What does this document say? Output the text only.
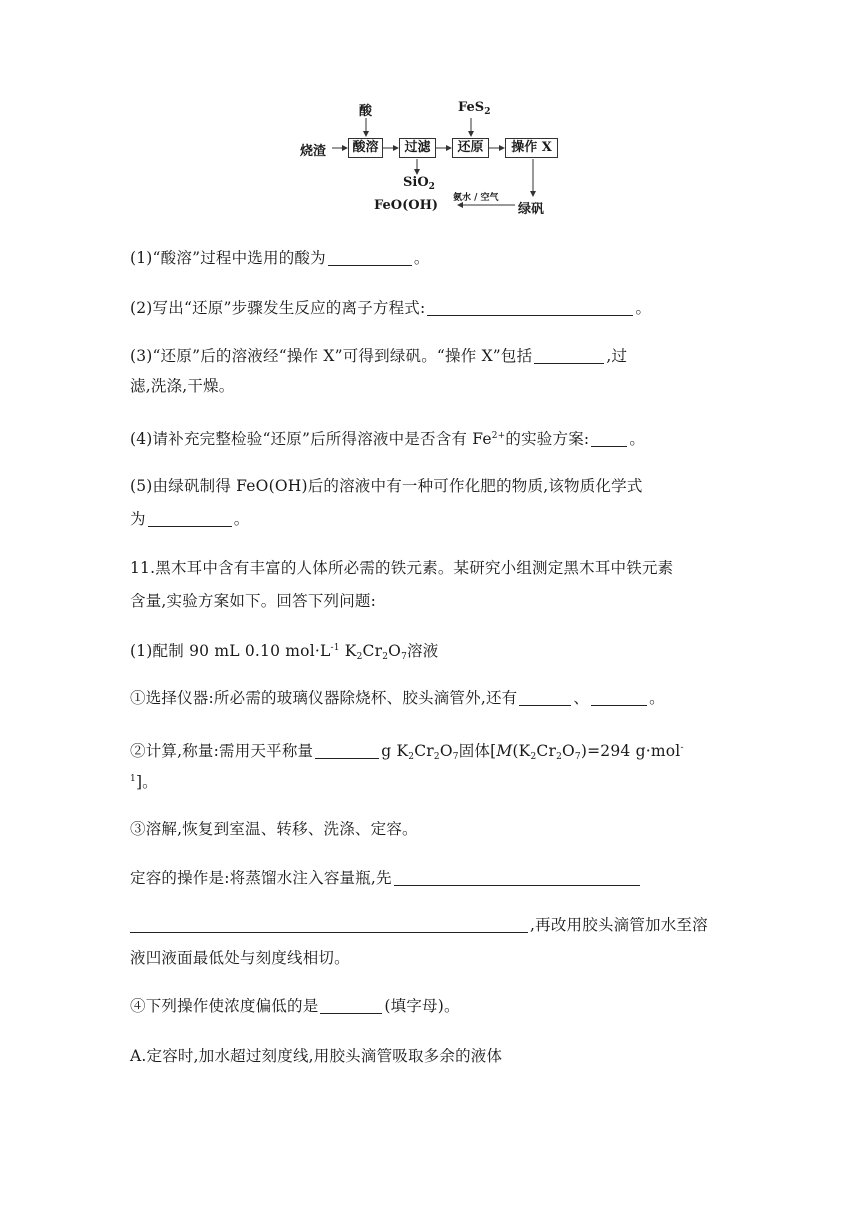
酸	FeS$_2$
烧渣	酸溶	过滤	还原	操作 X
SiO$_2$
氨水 / 空气
绿矾
FeO(OH)
(1)“酸溶”过程中选用的酸为	。
(2)写出“还原”步骤发生反应的离子方程式:	。
(3)“还原”后的溶液经“操作 X”可得到绿矾。“操作 X”包括	,过
滤,洗涤,干燥。
(4)请补充完整检验“还原”后所得溶液中是否含有 $Fe^{2+}$的实验方案:	。
(5)由绿矾制得 FeO(OH)后的溶液中有一种可作化肥的物质,该物质化学式
为	。
11.黑木耳中含有丰富的人体所必需的铁元素。某研究小组测定黑木耳中铁元素
含量,实验方案如下。回答下列问题:
(1)配制 90 mL 0.10 $mol\cdot L^{-1}$ $K_2Cr_2O_7$溶液
①选择仪器:所必需的玻璃仪器除烧杯、胶头滴管外,还有	、	。
②计算,称量:需用天平称量	g $K_2Cr_2O_7$固体[$M(K_2Cr_2O_7)=294$ g·mol-
$^1$]。
③溶解,恢复到室温、转移、洗涤、定容。
定容的操作是:将蒸馏水注入容量瓶,先
,再改用胶头滴管加水至溶
液凹液面最低处与刻度线相切。
④下列操作使浓度偏低的是	(填字母)。
A.定容时,加水超过刻度线,用胶头滴管吸取多余的液体
